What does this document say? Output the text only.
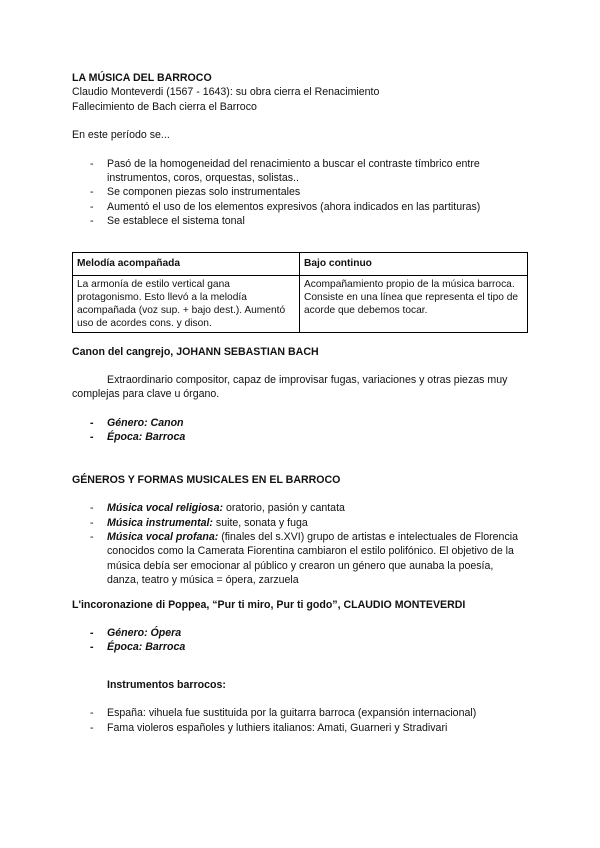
LA MÚSICA DEL BARROCO

Claudio Monteverdi (1567 - 1643): su obra cierra el Renacimiento

Fallecimiento de Bach cierra el Barroco

En este período se...

- Pasó de la homogeneidad del renacimiento a buscar el contraste tímbrico entre instrumentos, coros, orquestas, solistas..
- Se componen piezas solo instrumentales
- Aumentó el uso de los elementos expresivos (ahora indicados en las partituras)
- Se establece el sistema tonal
Melodía acompañada	Bajo continuo
La armonía de estilo vertical gana protagonismo. Esto llevó a la melodía acompañada (voz sup. + bajo dest.). Aumentó uso de acordes cons. y dison.	Acompañamiento propio de la música barroca. Consiste en una línea que representa el tipo de acorde que debemos tocar.

Canon del cangrejo, JOHANN SEBASTIAN BACH

Extraordinario compositor, capaz de improvisar fugas, variaciones y otras piezas muy complejas para clave u órgano.

- Género: Canon
- Época: Barroca

GÉNEROS Y FORMAS MUSICALES EN EL BARROCO

- Música vocal religiosa: oratorio, pasión y cantata
- Música instrumental: suite, sonata y fuga
- Música vocal profana: (finales del s.XVI) grupo de artistas e intelectuales de Florencia conocidos como la Camerata Fiorentina cambiaron el estilo polifónico. El objetivo de la música debía ser emocionar al público y crearon un género que aunaba la poesía, danza, teatro y música = ópera, zarzuela

L'incoronazione di Poppea, “Pur ti miro, Pur ti godo”, CLAUDIO MONTEVERDI

- Género: Ópera
- Época: Barroca

Instrumentos barrocos:

- España: vihuela fue sustituida por la guitarra barroca (expansión internacional)
- Fama violeros españoles y luthiers italianos: Amati, Guarneri y Stradivari
